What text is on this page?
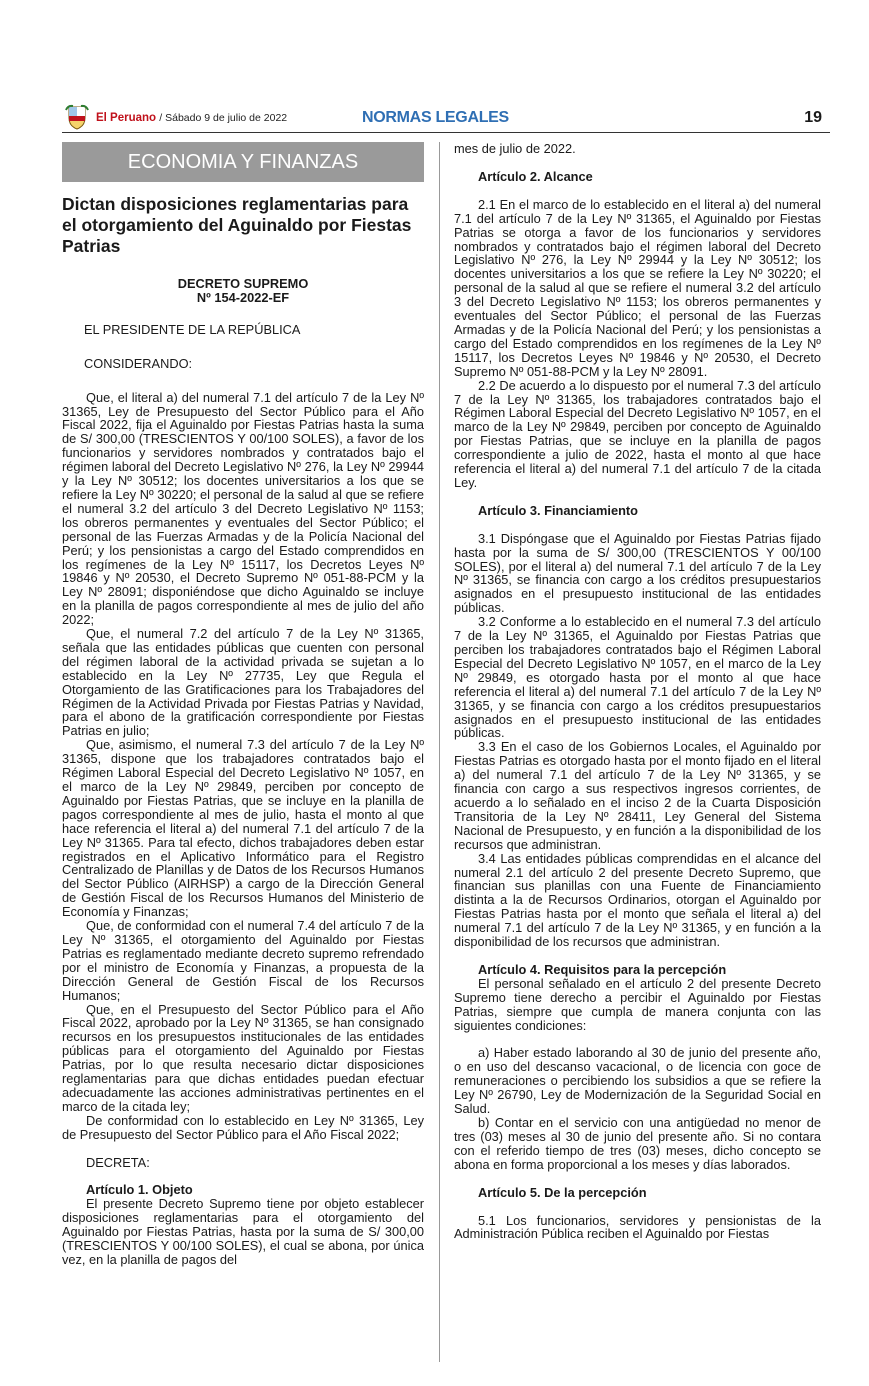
El Peruano / Sábado 9 de julio de 2022	NORMAS LEGALES	19
ECONOMIA Y FINANZAS
Dictan disposiciones reglamentarias para el otorgamiento del Aguinaldo por Fiestas Patrias
DECRETO SUPREMO
Nº 154-2022-EF
EL PRESIDENTE DE LA REPÚBLICA
CONSIDERANDO:

Que, el literal a) del numeral 7.1 del artículo 7 de la Ley Nº 31365, Ley de Presupuesto del Sector Público para el Año Fiscal 2022, fija el Aguinaldo por Fiestas Patrias hasta la suma de S/ 300,00 (TRESCIENTOS Y 00/100 SOLES), a favor de los funcionarios y servidores nombrados y contratados bajo el régimen laboral del Decreto Legislativo Nº 276, la Ley Nº 29944 y la Ley Nº 30512; los docentes universitarios a los que se refiere la Ley Nº 30220; el personal de la salud al que se refiere el numeral 3.2 del artículo 3 del Decreto Legislativo Nº 1153; los obreros permanentes y eventuales del Sector Público; el personal de las Fuerzas Armadas y de la Policía Nacional del Perú; y los pensionistas a cargo del Estado comprendidos en los regímenes de la Ley Nº 15117, los Decretos Leyes Nº 19846 y Nº 20530, el Decreto Supremo Nº 051-88-PCM y la Ley Nº 28091; disponiéndose que dicho Aguinaldo se incluye en la planilla de pagos correspondiente al mes de julio del año 2022;

Que, el numeral 7.2 del artículo 7 de la Ley Nº 31365, señala que las entidades públicas que cuenten con personal del régimen laboral de la actividad privada se sujetan a lo establecido en la Ley Nº 27735, Ley que Regula el Otorgamiento de las Gratificaciones para los Trabajadores del Régimen de la Actividad Privada por Fiestas Patrias y Navidad, para el abono de la gratificación correspondiente por Fiestas Patrias en julio;

Que, asimismo, el numeral 7.3 del artículo 7 de la Ley Nº 31365, dispone que los trabajadores contratados bajo el Régimen Laboral Especial del Decreto Legislativo Nº 1057, en el marco de la Ley Nº 29849, perciben por concepto de Aguinaldo por Fiestas Patrias, que se incluye en la planilla de pagos correspondiente al mes de julio, hasta el monto al que hace referencia el literal a) del numeral 7.1 del artículo 7 de la Ley Nº 31365. Para tal efecto, dichos trabajadores deben estar registrados en el Aplicativo Informático para el Registro Centralizado de Planillas y de Datos de los Recursos Humanos del Sector Público (AIRHSP) a cargo de la Dirección General de Gestión Fiscal de los Recursos Humanos del Ministerio de Economía y Finanzas;

Que, de conformidad con el numeral 7.4 del artículo 7 de la Ley Nº 31365, el otorgamiento del Aguinaldo por Fiestas Patrias es reglamentado mediante decreto supremo refrendado por el ministro de Economía y Finanzas, a propuesta de la Dirección General de Gestión Fiscal de los Recursos Humanos;

Que, en el Presupuesto del Sector Público para el Año Fiscal 2022, aprobado por la Ley Nº 31365, se han consignado recursos en los presupuestos institucionales de las entidades públicas para el otorgamiento del Aguinaldo por Fiestas Patrias, por lo que resulta necesario dictar disposiciones reglamentarias para que dichas entidades puedan efectuar adecuadamente las acciones administrativas pertinentes en el marco de la citada ley;

De conformidad con lo establecido en Ley Nº 31365, Ley de Presupuesto del Sector Público para el Año Fiscal 2022;

DECRETA:

Artículo 1. Objeto

El presente Decreto Supremo tiene por objeto establecer disposiciones reglamentarias para el otorgamiento del Aguinaldo por Fiestas Patrias, hasta por la suma de S/ 300,00 (TRESCIENTOS Y 00/100 SOLES), el cual se abona, por única vez, en la planilla de pagos del

mes de julio de 2022.

Artículo 2. Alcance

2.1 En el marco de lo establecido en el literal a) del numeral 7.1 del artículo 7 de la Ley Nº 31365, el Aguinaldo por Fiestas Patrias se otorga a favor de los funcionarios y servidores nombrados y contratados bajo el régimen laboral del Decreto Legislativo Nº 276, la Ley Nº 29944 y la Ley Nº 30512; los docentes universitarios a los que se refiere la Ley Nº 30220; el personal de la salud al que se refiere el numeral 3.2 del artículo 3 del Decreto Legislativo Nº 1153; los obreros permanentes y eventuales del Sector Público; el personal de las Fuerzas Armadas y de la Policía Nacional del Perú; y los pensionistas a cargo del Estado comprendidos en los regímenes de la Ley Nº 15117, los Decretos Leyes Nº 19846 y Nº 20530, el Decreto Supremo Nº 051-88-PCM y la Ley Nº 28091.

2.2 De acuerdo a lo dispuesto por el numeral 7.3 del artículo 7 de la Ley Nº 31365, los trabajadores contratados bajo el Régimen Laboral Especial del Decreto Legislativo Nº 1057, en el marco de la Ley Nº 29849, perciben por concepto de Aguinaldo por Fiestas Patrias, que se incluye en la planilla de pagos correspondiente a julio de 2022, hasta el monto al que hace referencia el literal a) del numeral 7.1 del artículo 7 de la citada Ley.

Artículo 3. Financiamiento

3.1 Dispóngase que el Aguinaldo por Fiestas Patrias fijado hasta por la suma de S/ 300,00 (TRESCIENTOS Y 00/100 SOLES), por el literal a) del numeral 7.1 del artículo 7 de la Ley Nº 31365, se financia con cargo a los créditos presupuestarios asignados en el presupuesto institucional de las entidades públicas.

3.2 Conforme a lo establecido en el numeral 7.3 del artículo 7 de la Ley Nº 31365, el Aguinaldo por Fiestas Patrias que perciben los trabajadores contratados bajo el Régimen Laboral Especial del Decreto Legislativo Nº 1057, en el marco de la Ley Nº 29849, es otorgado hasta por el monto al que hace referencia el literal a) del numeral 7.1 del artículo 7 de la Ley Nº 31365, y se financia con cargo a los créditos presupuestarios asignados en el presupuesto institucional de las entidades públicas.

3.3 En el caso de los Gobiernos Locales, el Aguinaldo por Fiestas Patrias es otorgado hasta por el monto fijado en el literal a) del numeral 7.1 del artículo 7 de la Ley Nº 31365, y se financia con cargo a sus respectivos ingresos corrientes, de acuerdo a lo señalado en el inciso 2 de la Cuarta Disposición Transitoria de la Ley Nº 28411, Ley General del Sistema Nacional de Presupuesto, y en función a la disponibilidad de los recursos que administran.

3.4 Las entidades públicas comprendidas en el alcance del numeral 2.1 del artículo 2 del presente Decreto Supremo, que financian sus planillas con una Fuente de Financiamiento distinta a la de Recursos Ordinarios, otorgan el Aguinaldo por Fiestas Patrias hasta por el monto que señala el literal a) del numeral 7.1 del artículo 7 de la Ley Nº 31365, y en función a la disponibilidad de los recursos que administran.

Artículo 4. Requisitos para la percepción

El personal señalado en el artículo 2 del presente Decreto Supremo tiene derecho a percibir el Aguinaldo por Fiestas Patrias, siempre que cumpla de manera conjunta con las siguientes condiciones:

a) Haber estado laborando al 30 de junio del presente año, o en uso del descanso vacacional, o de licencia con goce de remuneraciones o percibiendo los subsidios a que se refiere la Ley Nº 26790, Ley de Modernización de la Seguridad Social en Salud.

b) Contar en el servicio con una antigüedad no menor de tres (03) meses al 30 de junio del presente año. Si no contara con el referido tiempo de tres (03) meses, dicho concepto se abona en forma proporcional a los meses y días laborados.

Artículo 5. De la percepción

5.1 Los funcionarios, servidores y pensionistas de la Administración Pública reciben el Aguinaldo por Fiestas
